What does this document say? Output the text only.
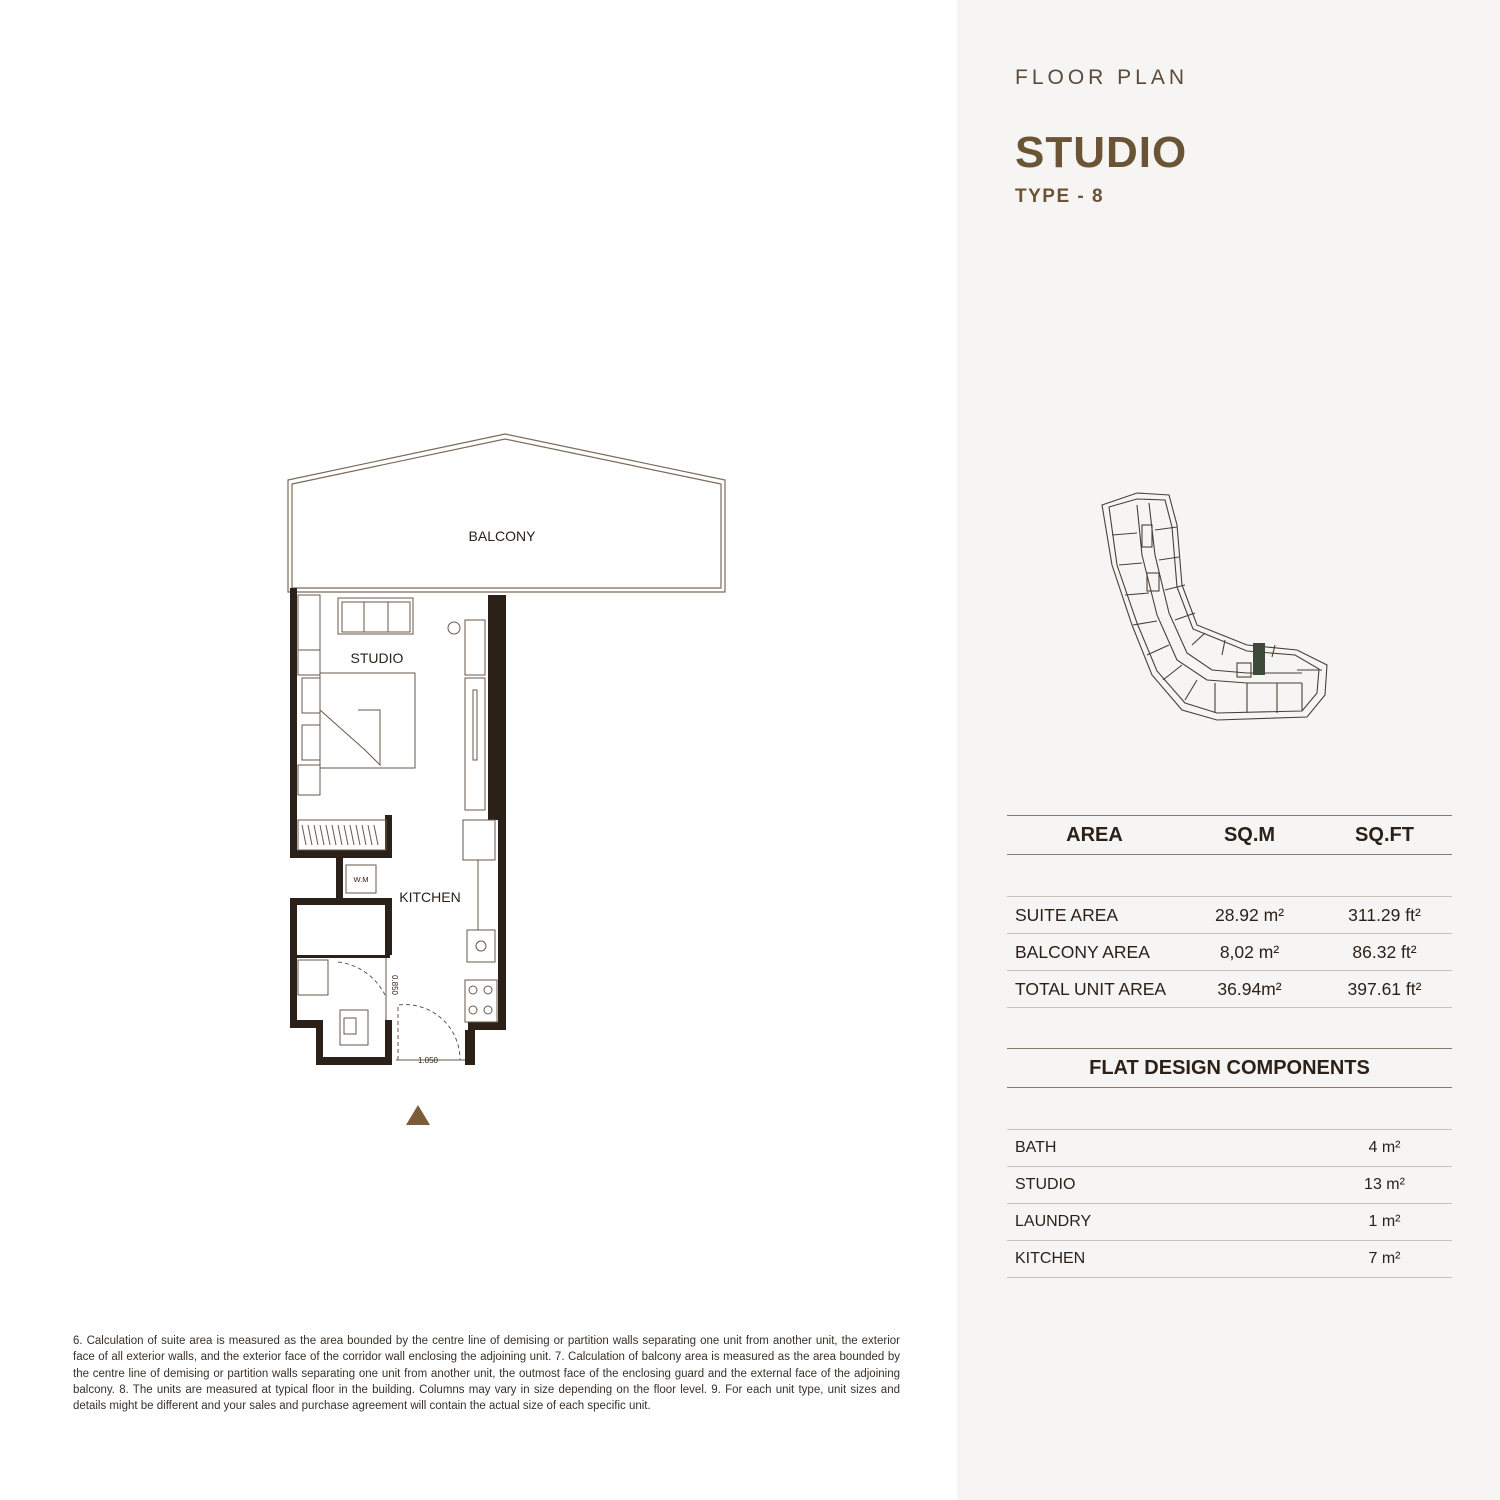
BALCONY
STUDIO
KITCHEN
W.M
0.850
1.050
6. Calculation of suite area is measured as the area bounded by the centre line of demising or partition walls separating one unit from another unit, the exterior face of all exterior walls, and the exterior face of the corridor wall enclosing the adjoining unit. 7. Calculation of balcony area is measured as the area bounded by the centre line of demising or partition walls separating one unit from another unit, the outmost face of the enclosing guard and the external face of the adjoining balcony. 8. The units are measured at typical floor in the building. Columns may vary in size depending on the floor level. 9. For each unit type, unit sizes and details might be different and your sales and purchase agreement will contain the actual size of each specific unit.
FLOOR PLAN
STUDIO
TYPE - 8
AREA	SQ.M	SQ.FT
SUITE AREA	28.92 m²	311.29 ft²
BALCONY AREA	8,02 m²	86.32 ft²
TOTAL UNIT AREA	36.94m²	397.61 ft²
FLAT DESIGN COMPONENTS
BATH	4 m²
STUDIO	13 m²
LAUNDRY	1 m²
KITCHEN	7 m²
